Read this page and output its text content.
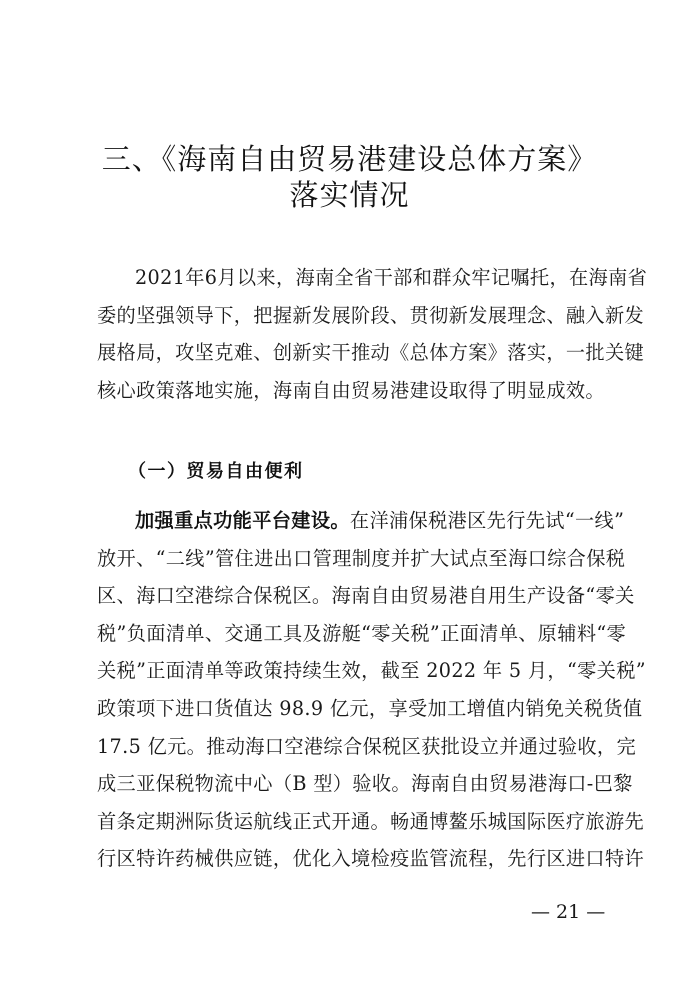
三、《海南自由贸易港建设总体方案》
落实情况
2021年6月以来，海南全省干部和群众牢记嘱托，在海南省
委的坚强领导下，把握新发展阶段、贯彻新发展理念、融入新发
展格局，攻坚克难、创新实干推动《总体方案》落实，一批关键
核心政策落地实施，海南自由贸易港建设取得了明显成效。
（一）贸易自由便利
加强重点功能平台建设。在洋浦保税港区先行先试“一线”
放开、“二线”管住进出口管理制度并扩大试点至海口综合保税
区、海口空港综合保税区。海南自由贸易港自用生产设备“零关
税”负面清单、交通工具及游艇“零关税”正面清单、原辅料“零
关税”正面清单等政策持续生效，截至 2022 年 5 月，“零关税”
政策项下进口货值达 98.9 亿元，享受加工增值内销免关税货值
17.5 亿元。推动海口空港综合保税区获批设立并通过验收，完
成三亚保税物流中心（B 型）验收。海南自由贸易港海口-巴黎
首条定期洲际货运航线正式开通。畅通博鳌乐城国际医疗旅游先
行区特许药械供应链，优化入境检疫监管流程，先行区进口特许
— 21 —
